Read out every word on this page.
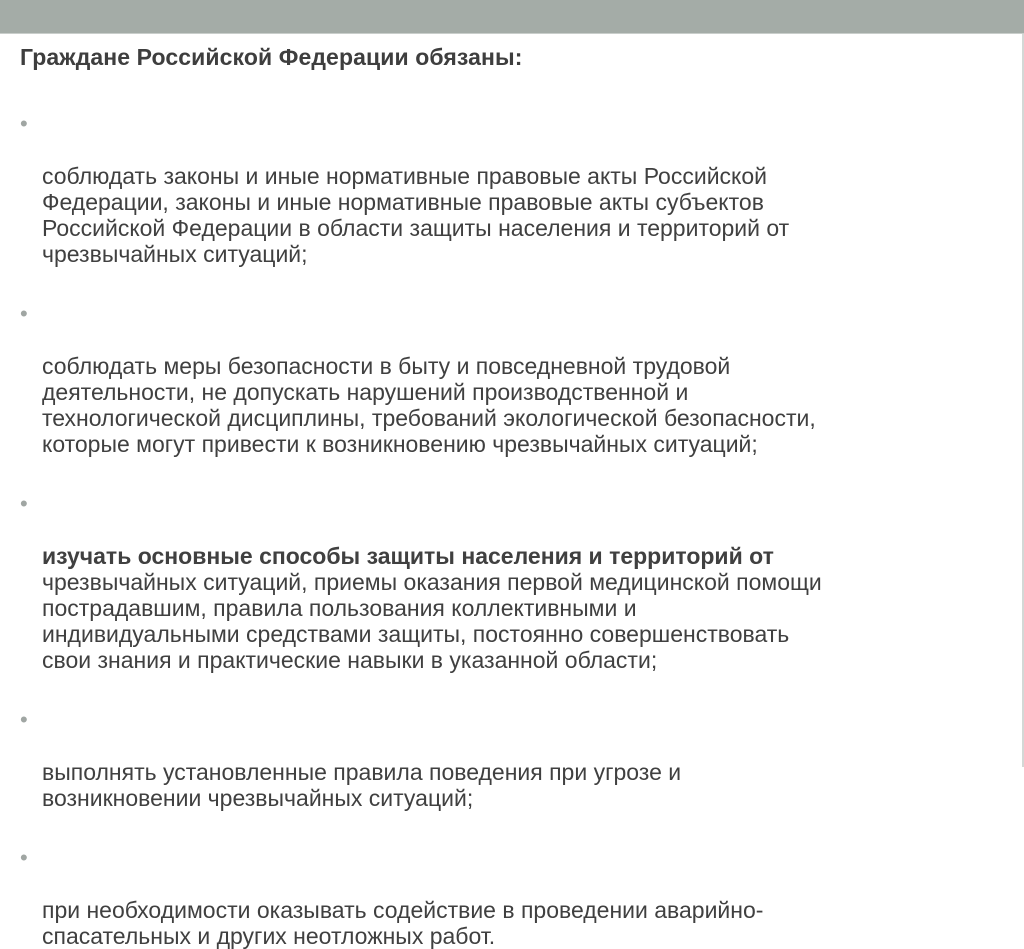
Граждане Российской Федерации обязаны:

•

соблюдать законы и иные нормативные правовые акты Российской
Федерации, законы и иные нормативные правовые акты субъектов
Российской Федерации в области защиты населения и территорий от
чрезвычайных ситуаций;

•

соблюдать меры безопасности в быту и повседневной трудовой
деятельности, не допускать нарушений производственной и
технологической дисциплины, требований экологической безопасности,
которые могут привести к возникновению чрезвычайных ситуаций;

•

изучать основные способы защиты населения и территорий от
чрезвычайных ситуаций, приемы оказания первой медицинской помощи
пострадавшим, правила пользования коллективными и
индивидуальными средствами защиты, постоянно совершенствовать
свои знания и практические навыки в указанной области;

•

выполнять установленные правила поведения при угрозе и
возникновении чрезвычайных ситуаций;

•

при необходимости оказывать содействие в проведении аварийно-
спасательных и других неотложных работ.
